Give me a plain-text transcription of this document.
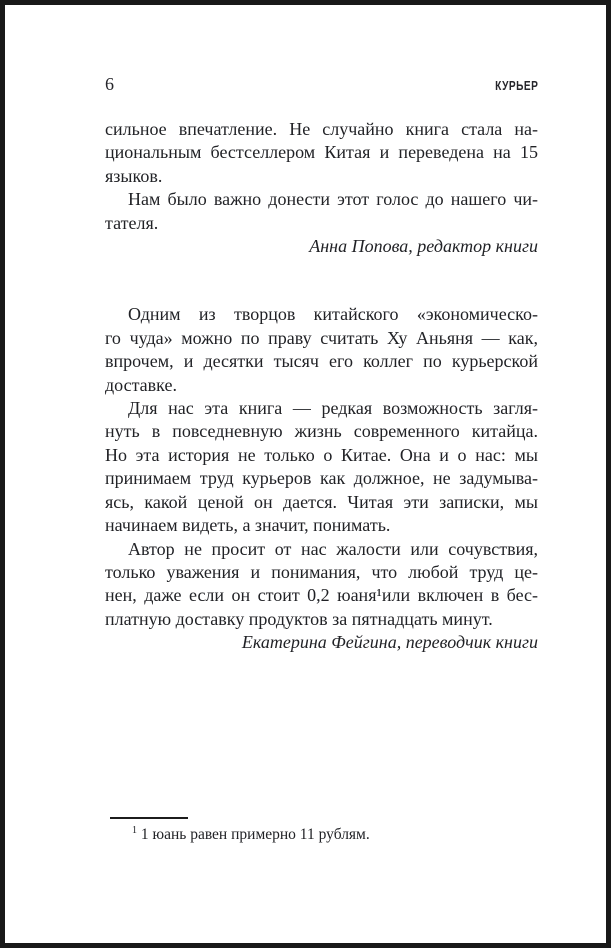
6	КУРЬЕР
сильное впечатление. Не случайно книга стала на-
циональным бестселлером Китая и переведена на 15
языков.
Нам было важно донести этот голос до нашего чи-
тателя.
Анна Попова, редактор книги
Одним из творцов китайского «экономическо-
го чуда» можно по праву считать Ху Аньяня — как,
впрочем, и десятки тысяч его коллег по курьерской
доставке.
Для нас эта книга — редкая возможность загля-
нуть в повседневную жизнь современного китайца.
Но эта история не только о Китае. Она и о нас: мы
принимаем труд курьеров как должное, не задумыва-
ясь, какой ценой он дается. Читая эти записки, мы
начинаем видеть, а значит, понимать.
Автор не просит от нас жалости или сочувствия,
только уважения и понимания, что любой труд це-
нен, даже если он стоит 0,2 юаня¹или включен в бес-
платную доставку продуктов за пятнадцать минут.
Екатерина Фейгина, переводчик книги

$^1$ 1 юань равен примерно 11 рублям.
